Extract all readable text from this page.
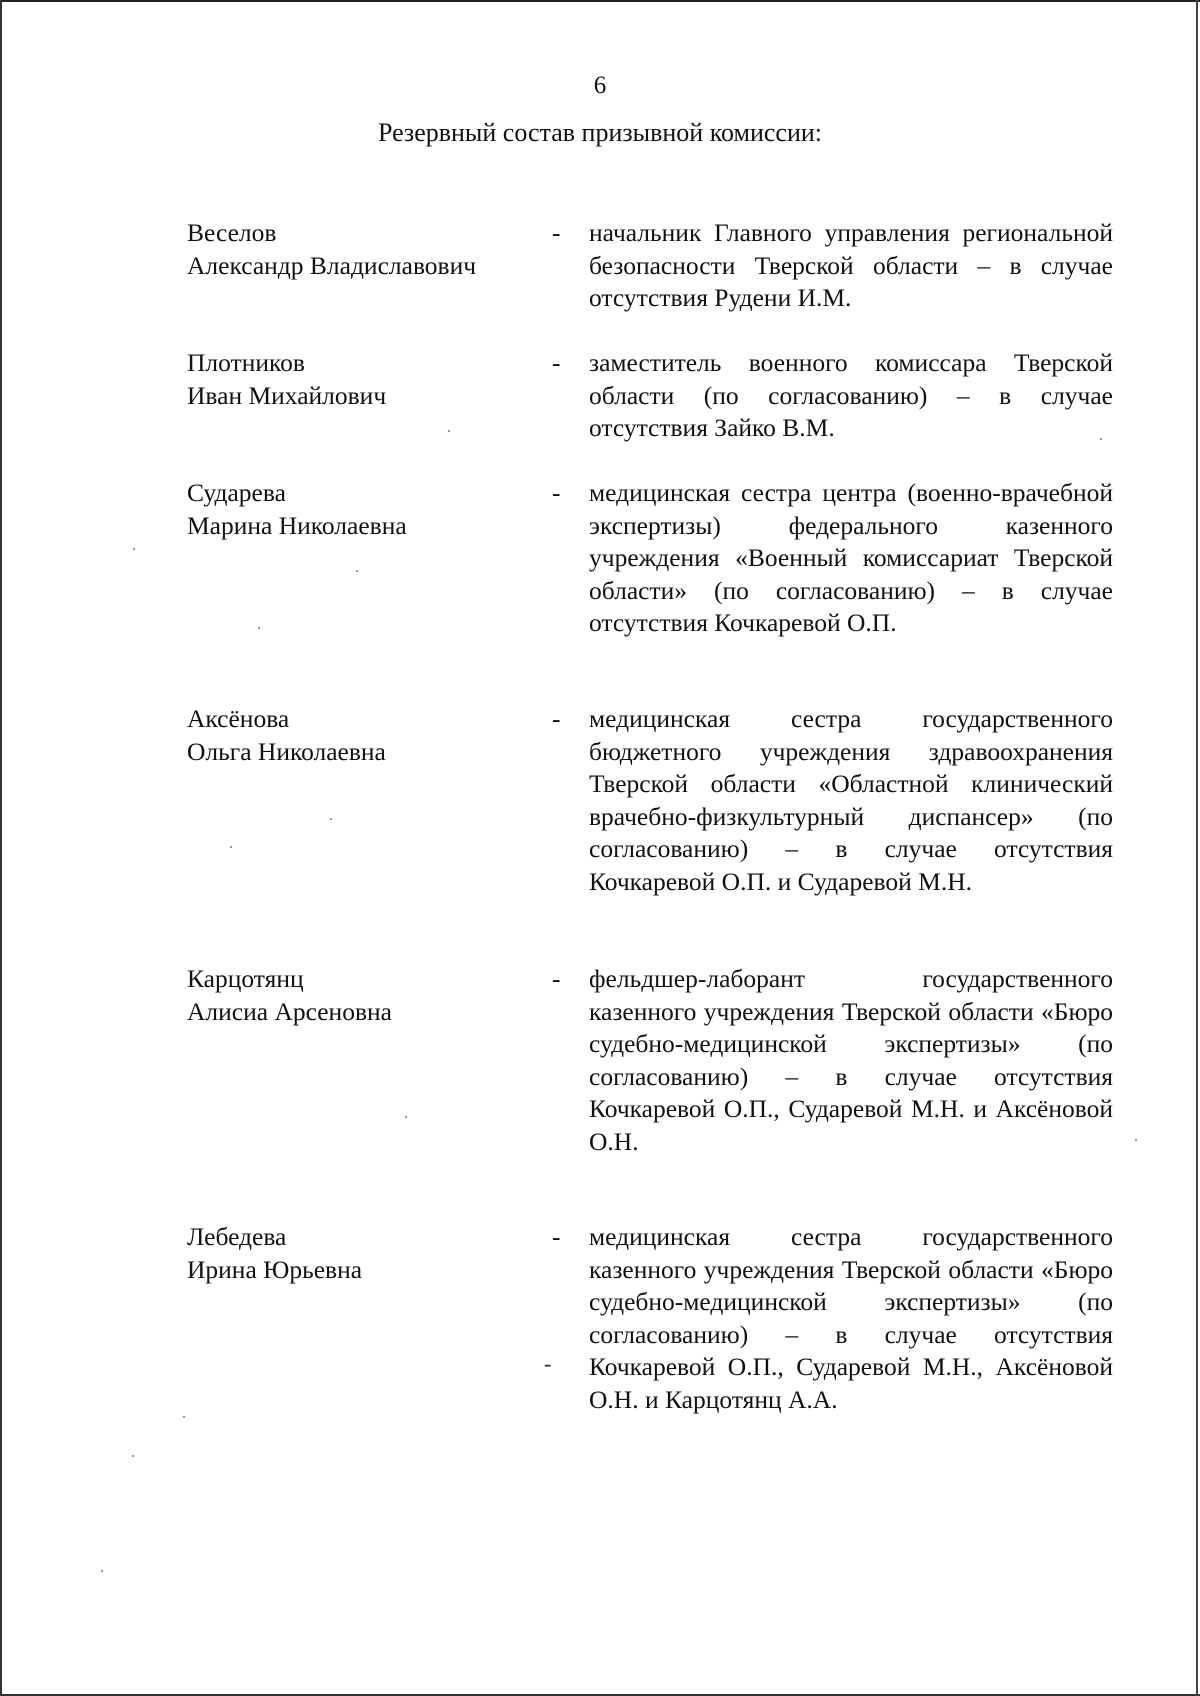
6
Резервный состав призывной комиссии:
Веселов
Александр Владиславович
- начальник Главного управления региональной безопасности Тверской области – в случае отсутствия Рудени И.М.
Плотников
Иван Михайлович
- заместитель военного комиссара Тверской области (по согласованию) – в случае отсутствия Зайко В.М.
Сударева
Марина Николаевна
- медицинская сестра центра (военно-врачебной экспертизы) федерального казенного учреждения «Военный комиссариат Тверской области» (по согласованию) – в случае отсутствия Кочкаревой О.П.
Аксёнова
Ольга Николаевна
- медицинская сестра государственного бюджетного учреждения здравоохранения Тверской области «Областной клинический врачебно-физкультурный диспансер» (по согласованию) – в случае отсутствия Кочкаревой О.П. и Сударевой М.Н.
Карцотянц
Алисиа Арсеновна
- фельдшер-лаборант государственного казенного учреждения Тверской области «Бюро судебно-медицинской экспертизы» (по согласованию) – в случае отсутствия Кочкаревой О.П., Сударевой М.Н. и Аксёновой О.Н.
Лебедева
Ирина Юрьевна
- медицинская сестра государственного казенного учреждения Тверской области «Бюро судебно-медицинской экспертизы» (по согласованию) – в случае отсутствия Кочкаревой О.П., Сударевой М.Н., Аксёновой О.Н. и Карцотянц А.А.
-
